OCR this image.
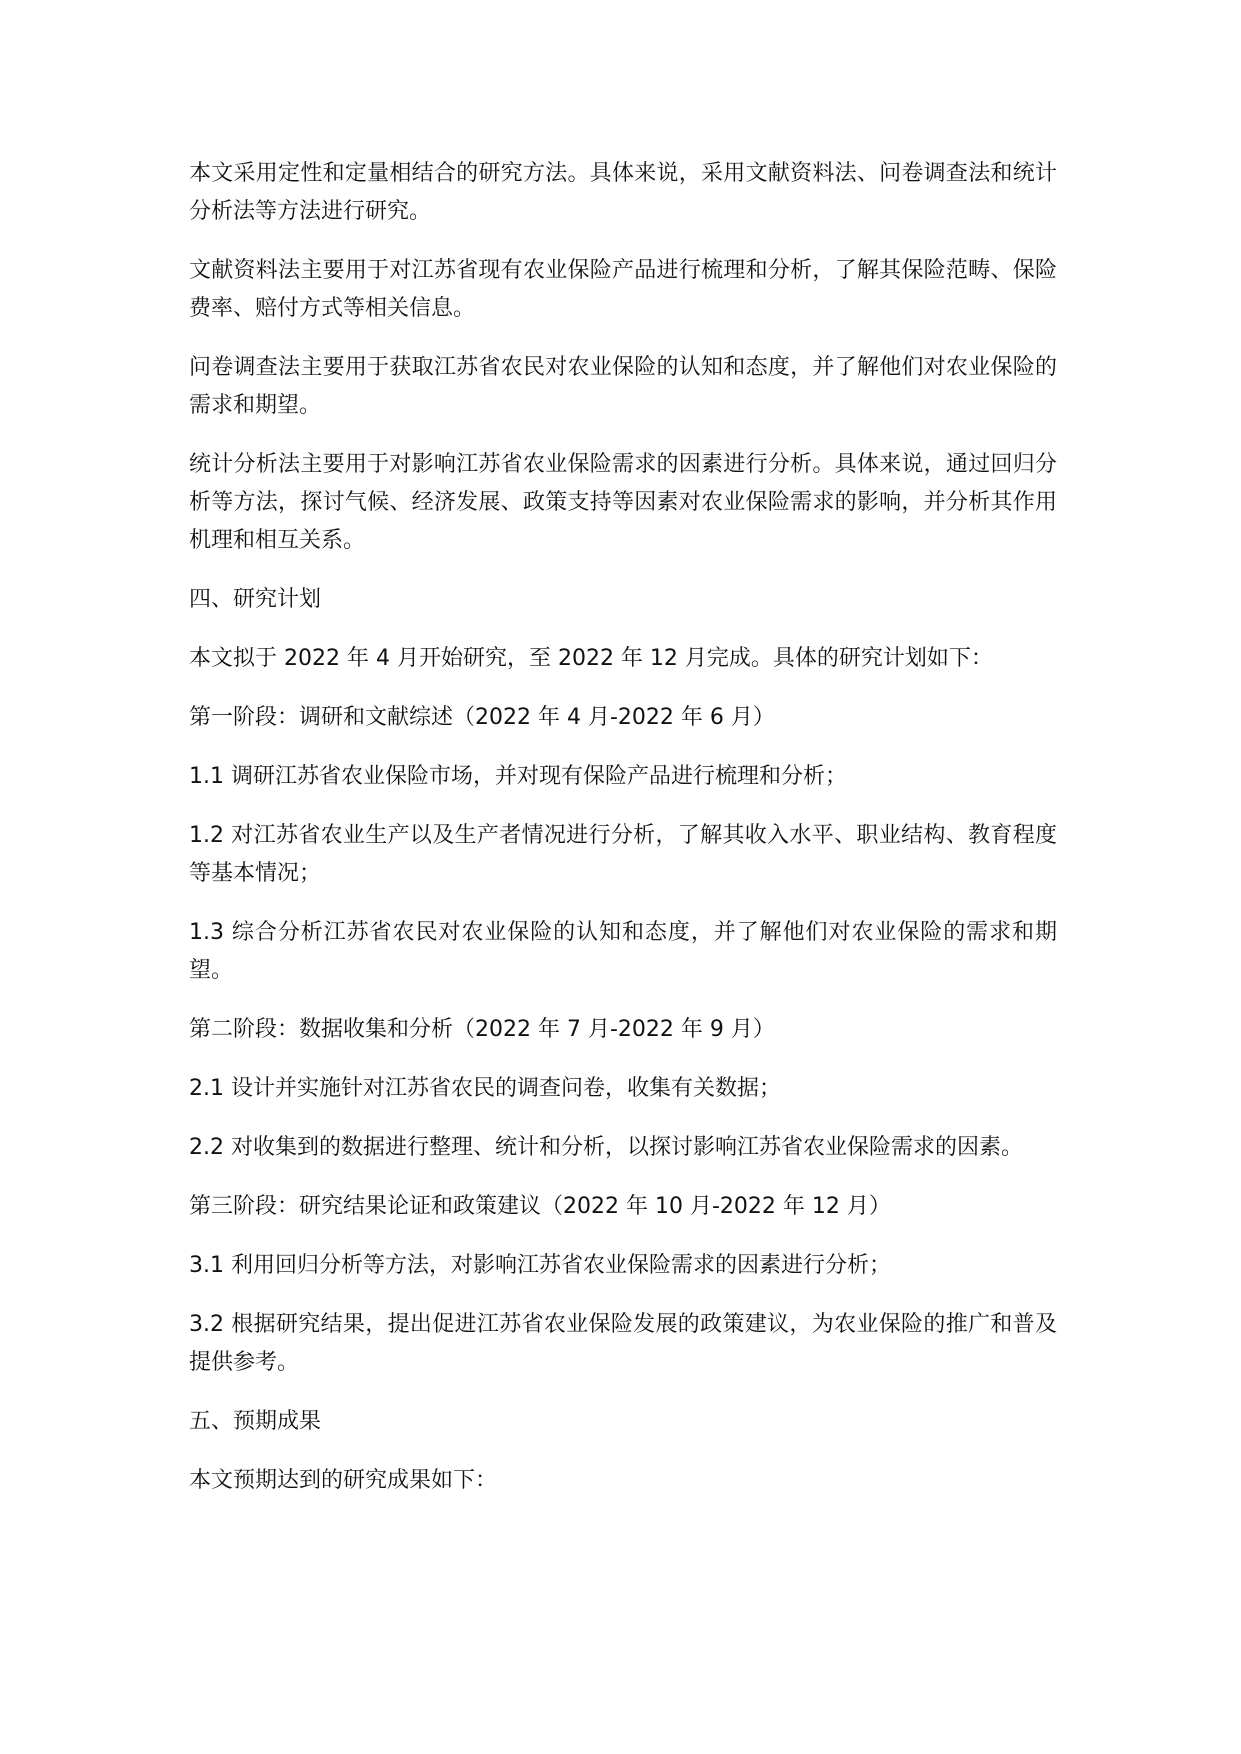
本文采用定性和定量相结合的研究方法。具体来说，采用文献资料法、问卷调查法和统计分析法等方法进行研究。

文献资料法主要用于对江苏省现有农业保险产品进行梳理和分析，了解其保险范畴、保险费率、赔付方式等相关信息。

问卷调查法主要用于获取江苏省农民对农业保险的认知和态度，并了解他们对农业保险的需求和期望。

统计分析法主要用于对影响江苏省农业保险需求的因素进行分析。具体来说，通过回归分析等方法，探讨气候、经济发展、政策支持等因素对农业保险需求的影响，并分析其作用机理和相互关系。

四、研究计划

本文拟于 2022 年 4 月开始研究，至 2022 年 12 月完成。具体的研究计划如下：

第一阶段：调研和文献综述（2022 年 4 月-2022 年 6 月）

1.1 调研江苏省农业保险市场，并对现有保险产品进行梳理和分析；

1.2 对江苏省农业生产以及生产者情况进行分析，了解其收入水平、职业结构、教育程度等基本情况；

1.3 综合分析江苏省农民对农业保险的认知和态度，并了解他们对农业保险的需求和期望。

第二阶段：数据收集和分析（2022 年 7 月-2022 年 9 月）

2.1 设计并实施针对江苏省农民的调查问卷，收集有关数据；

2.2 对收集到的数据进行整理、统计和分析，以探讨影响江苏省农业保险需求的因素。

第三阶段：研究结果论证和政策建议（2022 年 10 月-2022 年 12 月）

3.1 利用回归分析等方法，对影响江苏省农业保险需求的因素进行分析；

3.2 根据研究结果，提出促进江苏省农业保险发展的政策建议，为农业保险的推广和普及提供参考。

五、预期成果

本文预期达到的研究成果如下：
